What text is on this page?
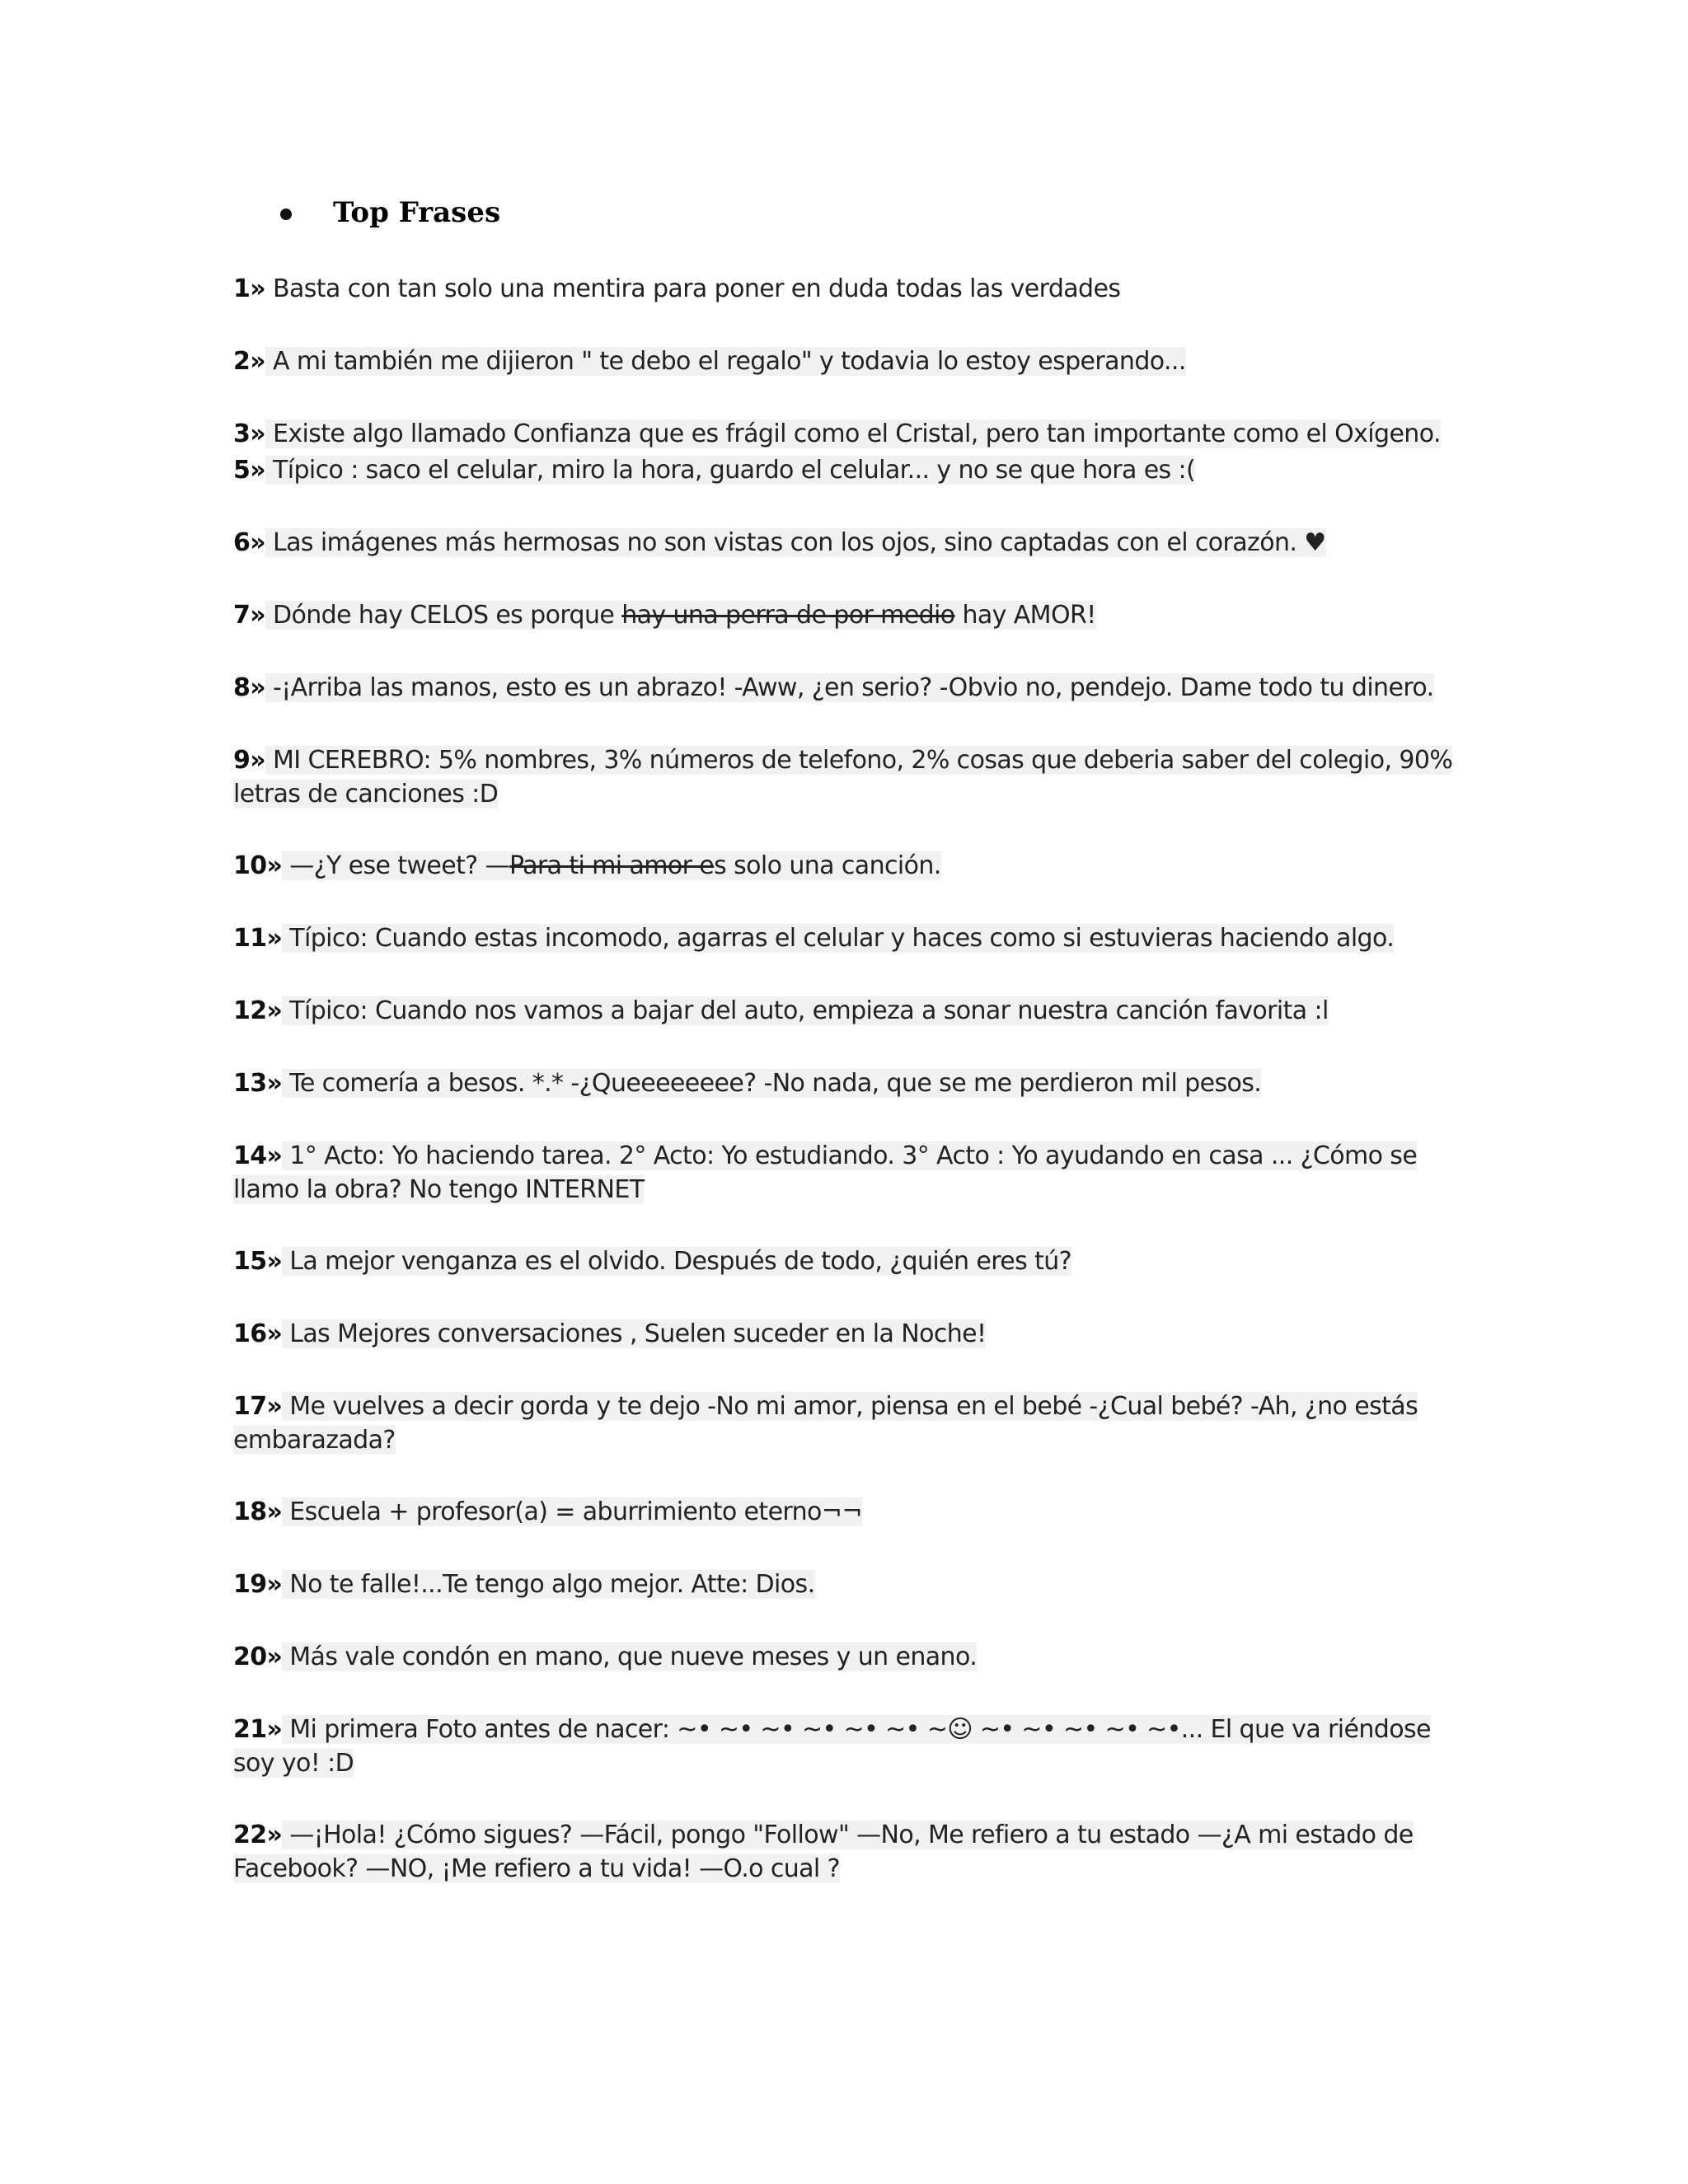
Top Frases
1» Basta con tan solo una mentira para poner en duda todas las verdades
2» A mi también me dijieron " te debo el regalo" y todavia lo estoy esperando...
3» Existe algo llamado Confianza que es frágil como el Cristal, pero tan importante como el Oxígeno.
5» Típico : saco el celular, miro la hora, guardo el celular... y no se que hora es :(
6» Las imágenes más hermosas no son vistas con los ojos, sino captadas con el corazón. ♥
7» Dónde hay CELOS es porque hay una perra de por medio hay AMOR!
8» -¡Arriba las manos, esto es un abrazo! -Aww, ¿en serio? -Obvio no, pendejo. Dame todo tu dinero.
9» MI CEREBRO: 5% nombres, 3% números de telefono, 2% cosas que deberia saber del colegio, 90% letras de canciones :D
10» —¿Y ese tweet? —Para ti mi amor es solo una canción.
11» Típico: Cuando estas incomodo, agarras el celular y haces como si estuvieras haciendo algo.
12» Típico: Cuando nos vamos a bajar del auto, empieza a sonar nuestra canción favorita :l
13» Te comería a besos. *.* -¿Queeeeeeee? -No nada, que se me perdieron mil pesos.
14» 1° Acto: Yo haciendo tarea. 2° Acto: Yo estudiando. 3° Acto : Yo ayudando en casa ... ¿Cómo se llamo la obra? No tengo INTERNET
15» La mejor venganza es el olvido. Después de todo, ¿quién eres tú?
16» Las Mejores conversaciones , Suelen suceder en la Noche!
17» Me vuelves a decir gorda y te dejo -No mi amor, piensa en el bebé -¿Cual bebé? -Ah, ¿no estás embarazada?
18» Escuela + profesor(a) = aburrimiento eterno¬¬
19» No te falle!...Te tengo algo mejor. Atte: Dios.
20» Más vale condón en mano, que nueve meses y un enano.
21» Mi primera Foto antes de nacer: ~• ~• ~• ~• ~• ~• ~☺ ~• ~• ~• ~• ~•... El que va riéndose soy yo! :D
22» —¡Hola! ¿Cómo sigues? —Fácil, pongo "Follow" —No, Me refiero a tu estado —¿A mi estado de Facebook? —NO, ¡Me refiero a tu vida! —O.o cual ?
